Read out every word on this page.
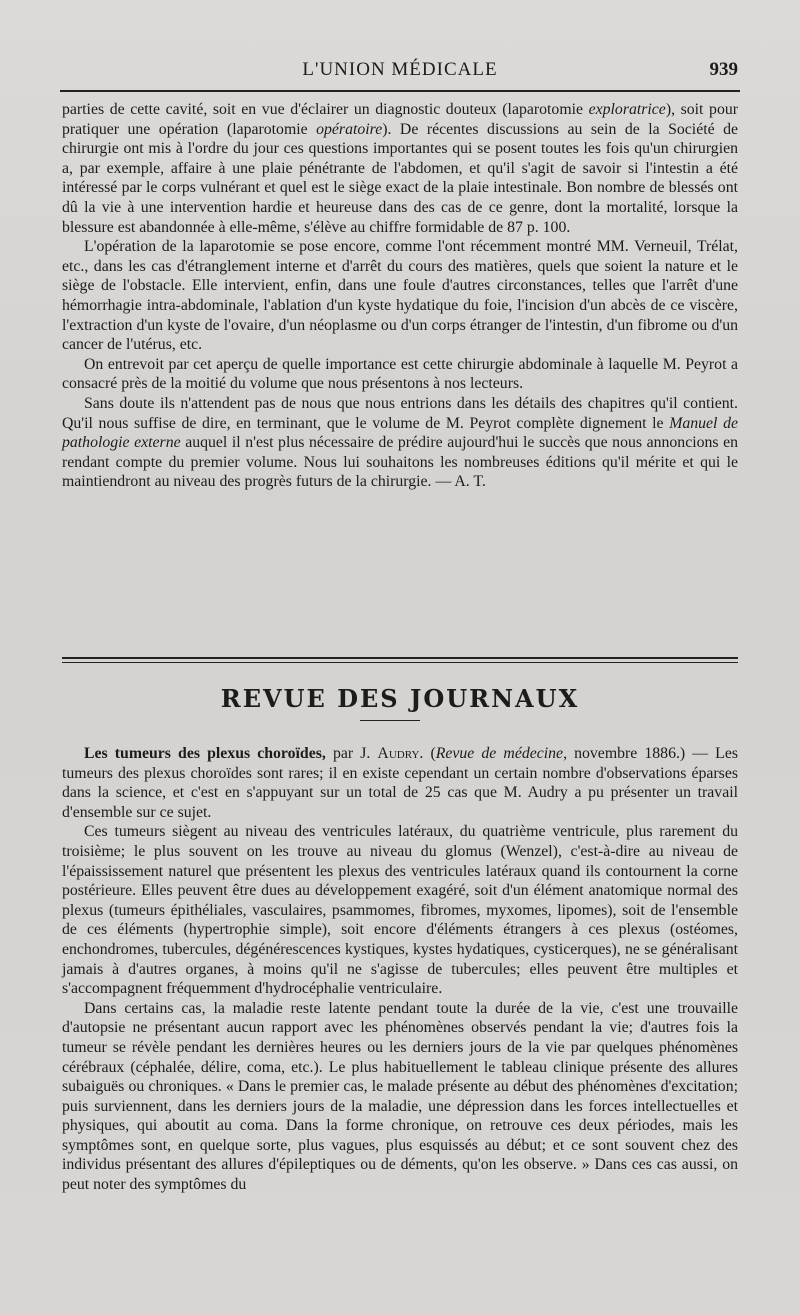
L'UNION MÉDICALE	939

parties de cette cavité, soit en vue d'éclairer un diagnostic douteux (laparotomie exploratrice), soit pour pratiquer une opération (laparotomie opératoire). De récentes discussions au sein de la Société de chirurgie ont mis à l'ordre du jour ces questions importantes qui se posent toutes les fois qu'un chirurgien a, par exemple, affaire à une plaie pénétrante de l'abdomen, et qu'il s'agit de savoir si l'intestin a été intéressé par le corps vulnérant et quel est le siège exact de la plaie intestinale. Bon nombre de blessés ont dû la vie à une intervention hardie et heureuse dans des cas de ce genre, dont la mortalité, lorsque la blessure est abandonnée à elle-même, s'élève au chiffre formidable de 87 p. 100.

L'opération de la laparotomie se pose encore, comme l'ont récemment montré MM. Verneuil, Trélat, etc., dans les cas d'étranglement interne et d'arrêt du cours des matières, quels que soient la nature et le siège de l'obstacle. Elle intervient, enfin, dans une foule d'autres circonstances, telles que l'arrêt d'une hémorrhagie intra-abdominale, l'ablation d'un kyste hydatique du foie, l'incision d'un abcès de ce viscère, l'extraction d'un kyste de l'ovaire, d'un néoplasme ou d'un corps étranger de l'intestin, d'un fibrome ou d'un cancer de l'utérus, etc.

On entrevoit par cet aperçu de quelle importance est cette chirurgie abdominale à laquelle M. Peyrot a consacré près de la moitié du volume que nous présentons à nos lecteurs.

Sans doute ils n'attendent pas de nous que nous entrions dans les détails des chapitres qu'il contient. Qu'il nous suffise de dire, en terminant, que le volume de M. Peyrot complète dignement le Manuel de pathologie externe auquel il n'est plus nécessaire de prédire aujourd'hui le succès que nous annoncions en rendant compte du premier volume. Nous lui souhaitons les nombreuses éditions qu'il mérite et qui le maintiendront au niveau des progrès futurs de la chirurgie. — A. T.

REVUE DES JOURNAUX

Les tumeurs des plexus choroïdes, par J. Audry. (Revue de médecine, novembre 1886.) — Les tumeurs des plexus choroïdes sont rares; il en existe cependant un certain nombre d'observations éparses dans la science, et c'est en s'appuyant sur un total de 25 cas que M. Audry a pu présenter un travail d'ensemble sur ce sujet.

Ces tumeurs siègent au niveau des ventricules latéraux, du quatrième ventricule, plus rarement du troisième; le plus souvent on les trouve au niveau du glomus (Wenzel), c'est-à-dire au niveau de l'épaississement naturel que présentent les plexus des ventricules latéraux quand ils contournent la corne postérieure. Elles peuvent être dues au développement exagéré, soit d'un élément anatomique normal des plexus (tumeurs épithéliales, vasculaires, psammomes, fibromes, myxomes, lipomes), soit de l'ensemble de ces éléments (hypertrophie simple), soit encore d'éléments étrangers à ces plexus (ostéomes, enchondromes, tubercules, dégénérescences kystiques, kystes hydatiques, cysticerques), ne se généralisant jamais à d'autres organes, à moins qu'il ne s'agisse de tubercules; elles peuvent être multiples et s'accompagnent fréquemment d'hydrocéphalie ventriculaire.

Dans certains cas, la maladie reste latente pendant toute la durée de la vie, c'est une trouvaille d'autopsie ne présentant aucun rapport avec les phénomènes observés pendant la vie; d'autres fois la tumeur se révèle pendant les dernières heures ou les derniers jours de la vie par quelques phénomènes cérébraux (céphalée, délire, coma, etc.). Le plus habituellement le tableau clinique présente des allures subaiguës ou chroniques. « Dans le premier cas, le malade présente au début des phénomènes d'excitation; puis surviennent, dans les derniers jours de la maladie, une dépression dans les forces intellectuelles et physiques, qui aboutit au coma. Dans la forme chronique, on retrouve ces deux périodes, mais les symptômes sont, en quelque sorte, plus vagues, plus esquissés au début; et ce sont souvent chez des individus présentant des allures d'épileptiques ou de déments, qu'on les observe. » Dans ces cas aussi, on peut noter des symptômes du
